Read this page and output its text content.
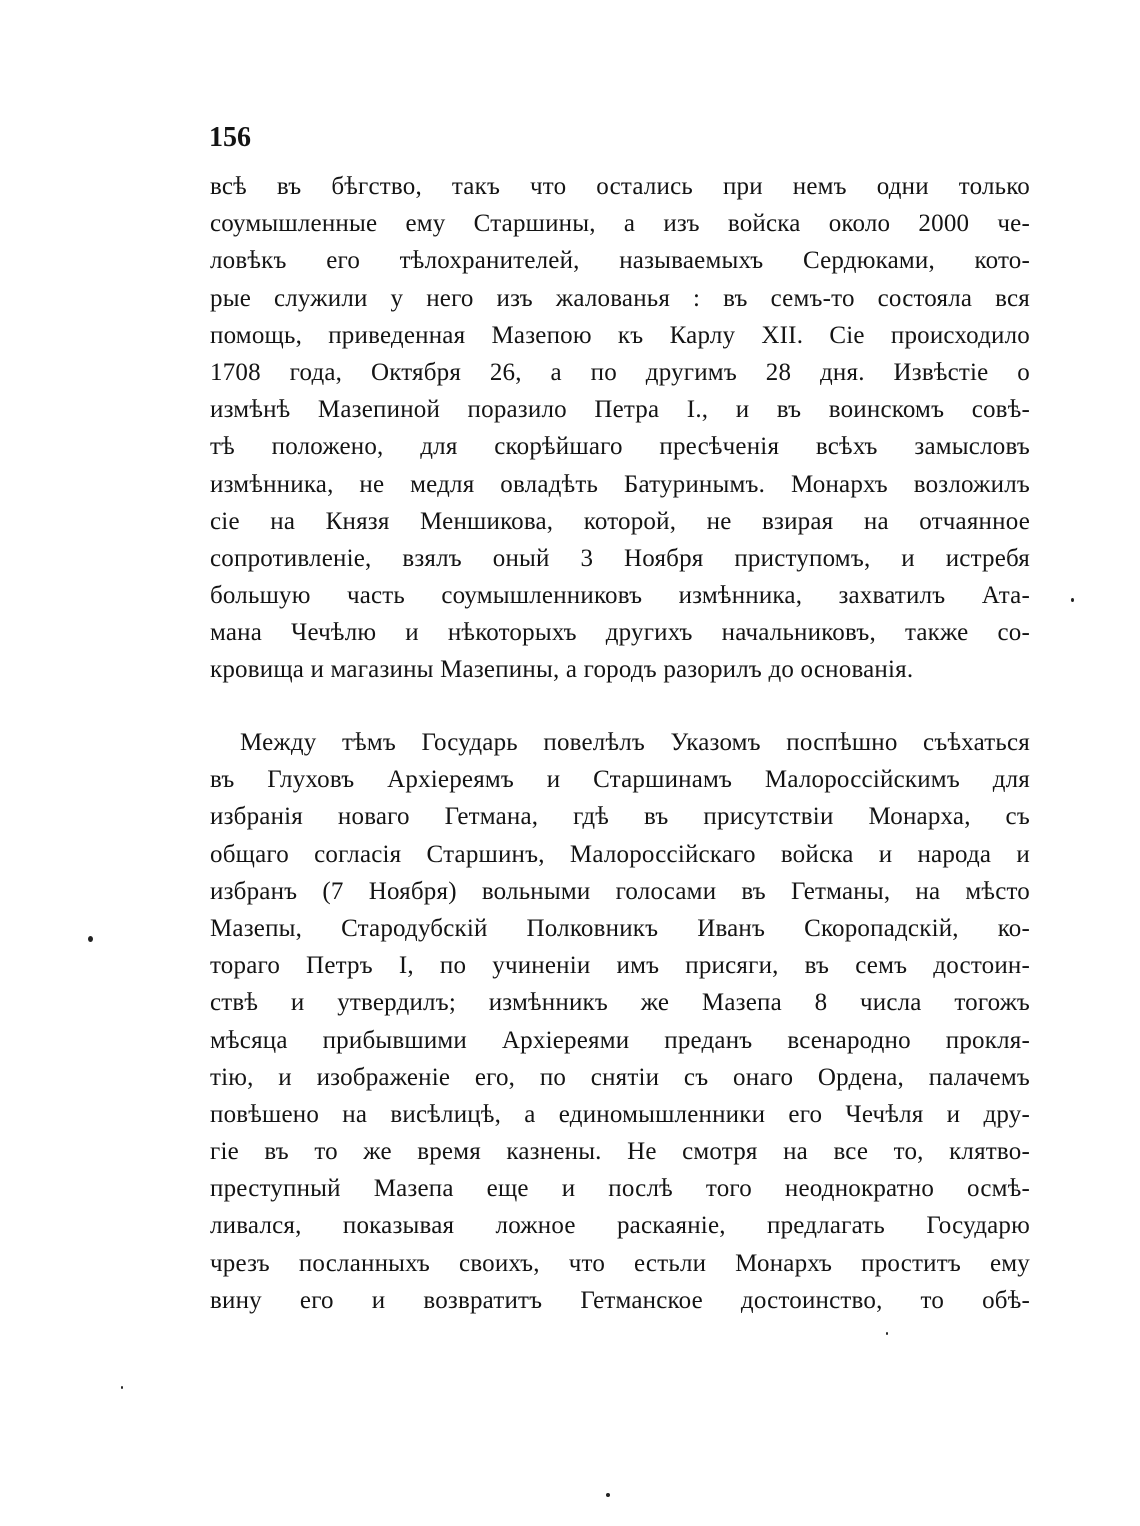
156
всѣ въ бѣгство, такъ что остались при немъ одни только
соумышленные ему Старшины, а изъ войска около 2000 че-
ловѣкъ его тѣлохранителей, называемыхъ Сердюками, кото-
рые служили у него изъ жалованья : въ семъ-то состояла вся
помощь, приведенная Мазепою къ Карлу XII. Сіе происходило
1708 года, Октября 26, а по другимъ 28 дня. Извѣстіе о
измѣнѣ Мазепиной поразило Петра I., и въ воинскомъ совѣ-
тѣ положено, для скорѣйшаго пресѣченія всѣхъ замысловъ
измѣнника, не медля овладѣть Батуринымъ. Монархъ возложилъ
сіе на Князя Меншикова, которой, не взирая на отчаянное
сопротивленіе, взялъ оный 3 Ноября приступомъ, и истребя
большую часть соумышленниковъ измѣнника, захватилъ Ата-
мана Чечѣлю и нѣкоторыхъ другихъ начальниковъ, также со-
кровища и магазины Мазепины, а городъ разорилъ до основанія.
Между тѣмъ Государь повелѣлъ Указомъ поспѣшно съѣхаться
въ Глуховъ Архіереямъ и Старшинамъ Малороссійскимъ для
избранія новаго Гетмана, гдѣ въ присутствіи Монарха, съ
общаго согласія Старшинъ, Малороссійскаго войска и народа и
избранъ (7 Ноября) вольными голосами въ Гетманы, на мѣсто
Мазепы, Стародубскій Полковникъ Иванъ Скоропадскій, ко-
тораго Петръ I, по учиненіи имъ присяги, въ семъ достоин-
ствѣ и утвердилъ; измѣнникъ же Мазепа 8 числа тогожъ
мѣсяца прибывшими Архіереями преданъ всенародно прокля-
тію, и изображеніе его, по снятіи съ онаго Ордена, палачемъ
повѣшено на висѣлицѣ, а единомышленники его Чечѣля и дру-
гіе въ то же время казнены. Не смотря на все то, клятво-
преступный Мазепа еще и послѣ того неоднократно осмѣ-
ливался, показывая ложное раскаяніе, предлагать Государю
чрезъ посланныхъ своихъ, что естьли Монархъ проститъ ему
вину его и возвратитъ Гетманское достоинство, то обѣ-
